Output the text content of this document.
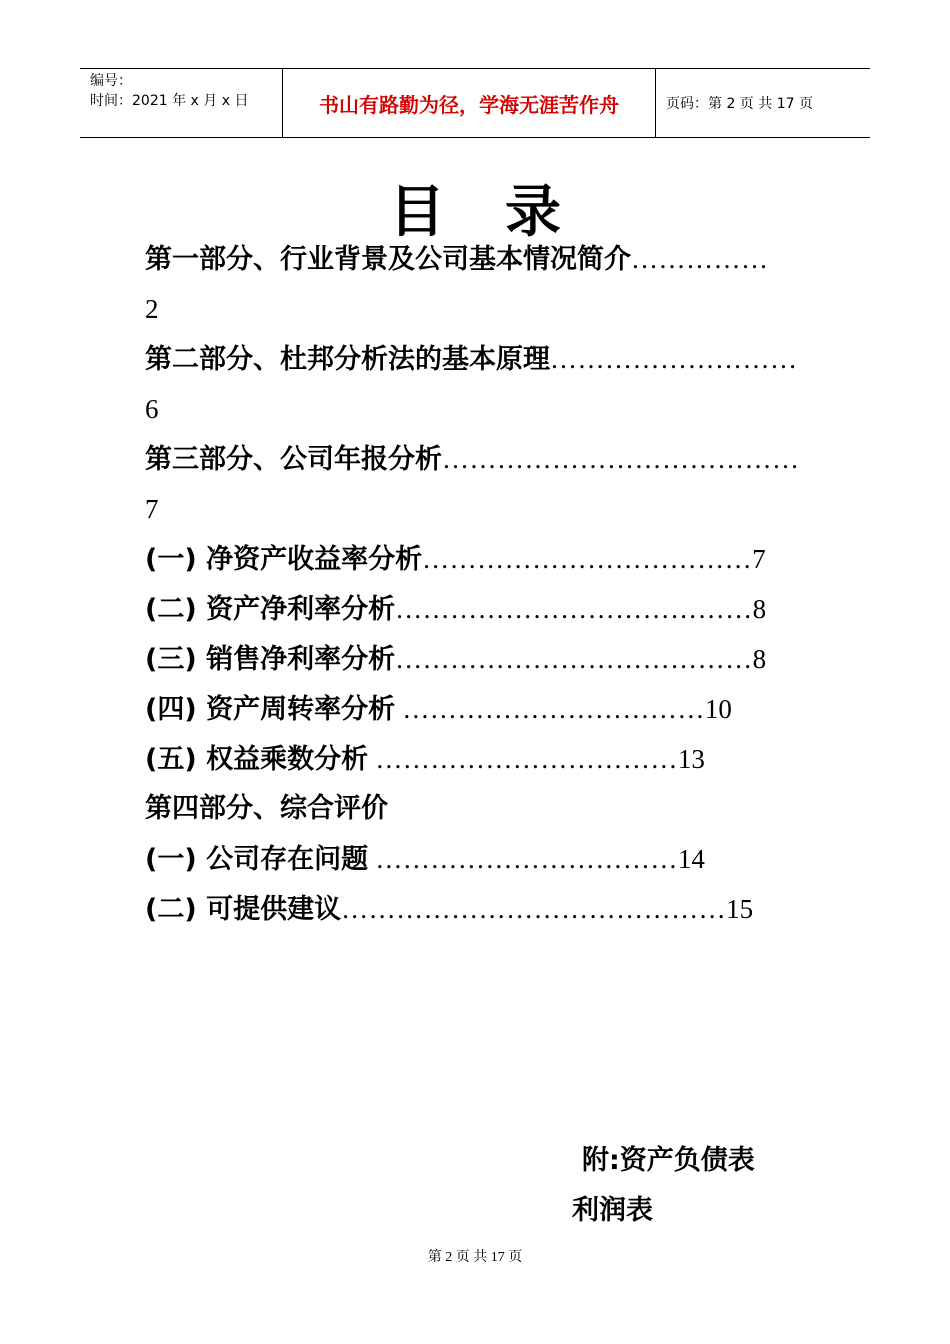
编号：
时间：2021 年 x 月 x 日	书山有路勤为径，学海无涯苦作舟	页码：第 2 页 共 17 页
目录
第一部分、行业背景及公司基本情况简介……………
2
第二部分、杜邦分析法的基本原理………………………
6
第三部分、公司年报分析…………………………………
7
(一) 净资产收益率分析………………………………7
(二) 资产净利率分析…………………………………8
(三) 销售净利率分析…………………………………8
(四) 资产周转率分析 ……………………………10
(五) 权益乘数分析 ……………………………13
第四部分、综合评价
(一) 公司存在问题 ……………………………14
(二) 可提供建议……………………………………15
附:资产负债表
利润表
第 2 页 共 17 页
